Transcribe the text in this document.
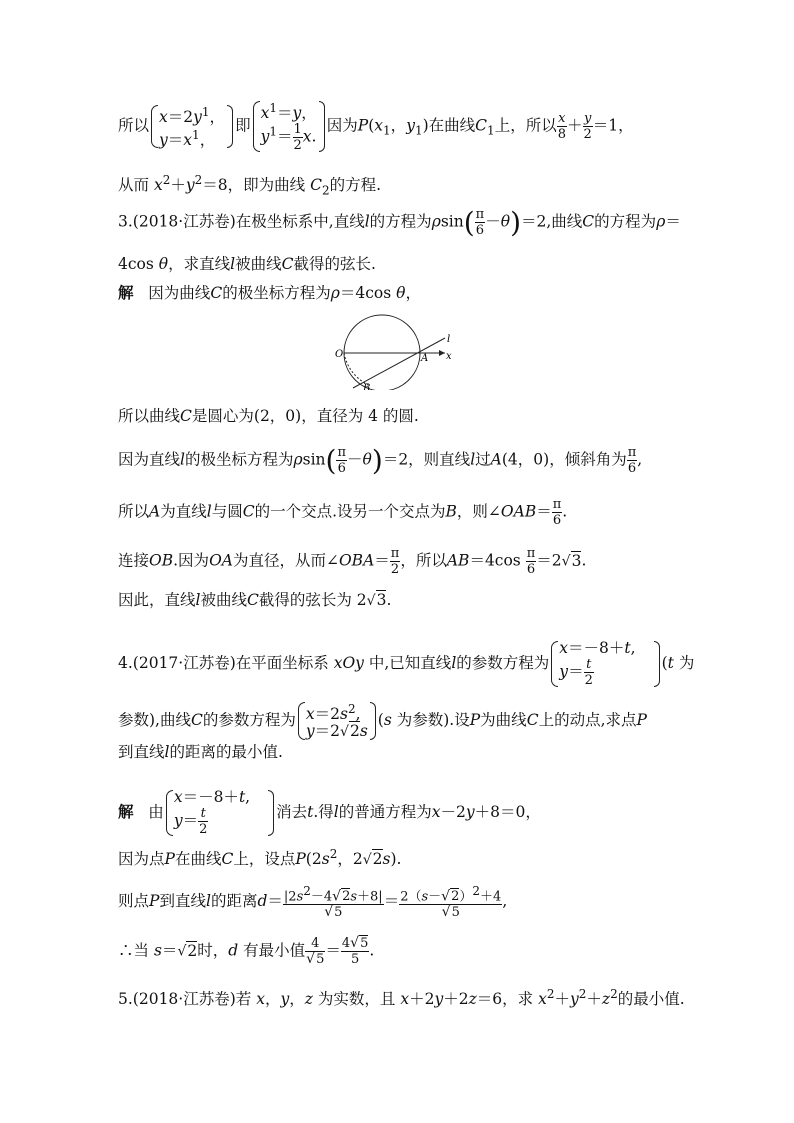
所以 $x=2y^1$，
$y=x^1$，
即
$x^1=y$，
$y^1= \frac{1}{2} x$.
因为$P(x_1$，$y_1$)在曲线$C_1$上，所以 $\frac{x}{8} + \frac{y}{2} =1$，
从而 $x^2+y^2=8$，即为曲线 $C_2$的方程.
3.(2018·江苏卷)在极坐标系中,直线l的方程为$\rho\sin( \frac{\pi}{6} -\theta)=2$,曲线C的方程为ρ＝
4cos θ，求直线l被曲线C截得的弦长.
解 因为曲线C的极坐标方程为ρ＝4cos θ，
O	A
B
x
l
所以曲线C是圆心为(2，0)，直径为 4 的圆.
因为直线l的极坐标方程为$\rho\sin( \frac{\pi}{6} -\theta)=2$，则直线l过A(4，0)，倾斜角为 $\frac{\pi}{6}$ ,
所以A为直线l与圆C的一个交点.设另一个交点为B，则∠OAB＝ $\frac{\pi}{6}$ .
连接OB.因为OA为直径，从而∠OBA＝ $\frac{\pi}{2}$ ，所以$AB=4\cos \frac{\pi}{6} =2√3$.
因此，直线l被曲线C截得的弦长为 2√3.
4.(2017·江苏卷)在平面坐标系 xOy 中,已知直线l的参数方程为
x＝－8＋t,
$y= \frac{t}{2}$	(t 为
参数),曲线C的参数方程为 $x=2s^2$,
y＝2√2s
(s 为参数).设P为曲线C上的动点,求点P
到直线l的距离的最小值.
解 由
x＝－8＋t,
$y= \frac{t}{2}$	消去t.得l的普通方程为x－2y＋8＝0，
因为点P在曲线C上，设点$P(2s^2$，2√2s).
则点P到直线l的距离$d= \frac{|2s^2-4√2s+8|}{√5} = \frac{2(s-√2)^2+4}{√5}$ ,
∴当 s＝√2时，d 有最小值 $\frac{4}{√5} = \frac{4√5}{5}$ .
5.(2018·江苏卷)若 x，y，z 为实数，且 x＋2y＋2z＝6，求 $x^2+y^2+z^2$的最小值.
